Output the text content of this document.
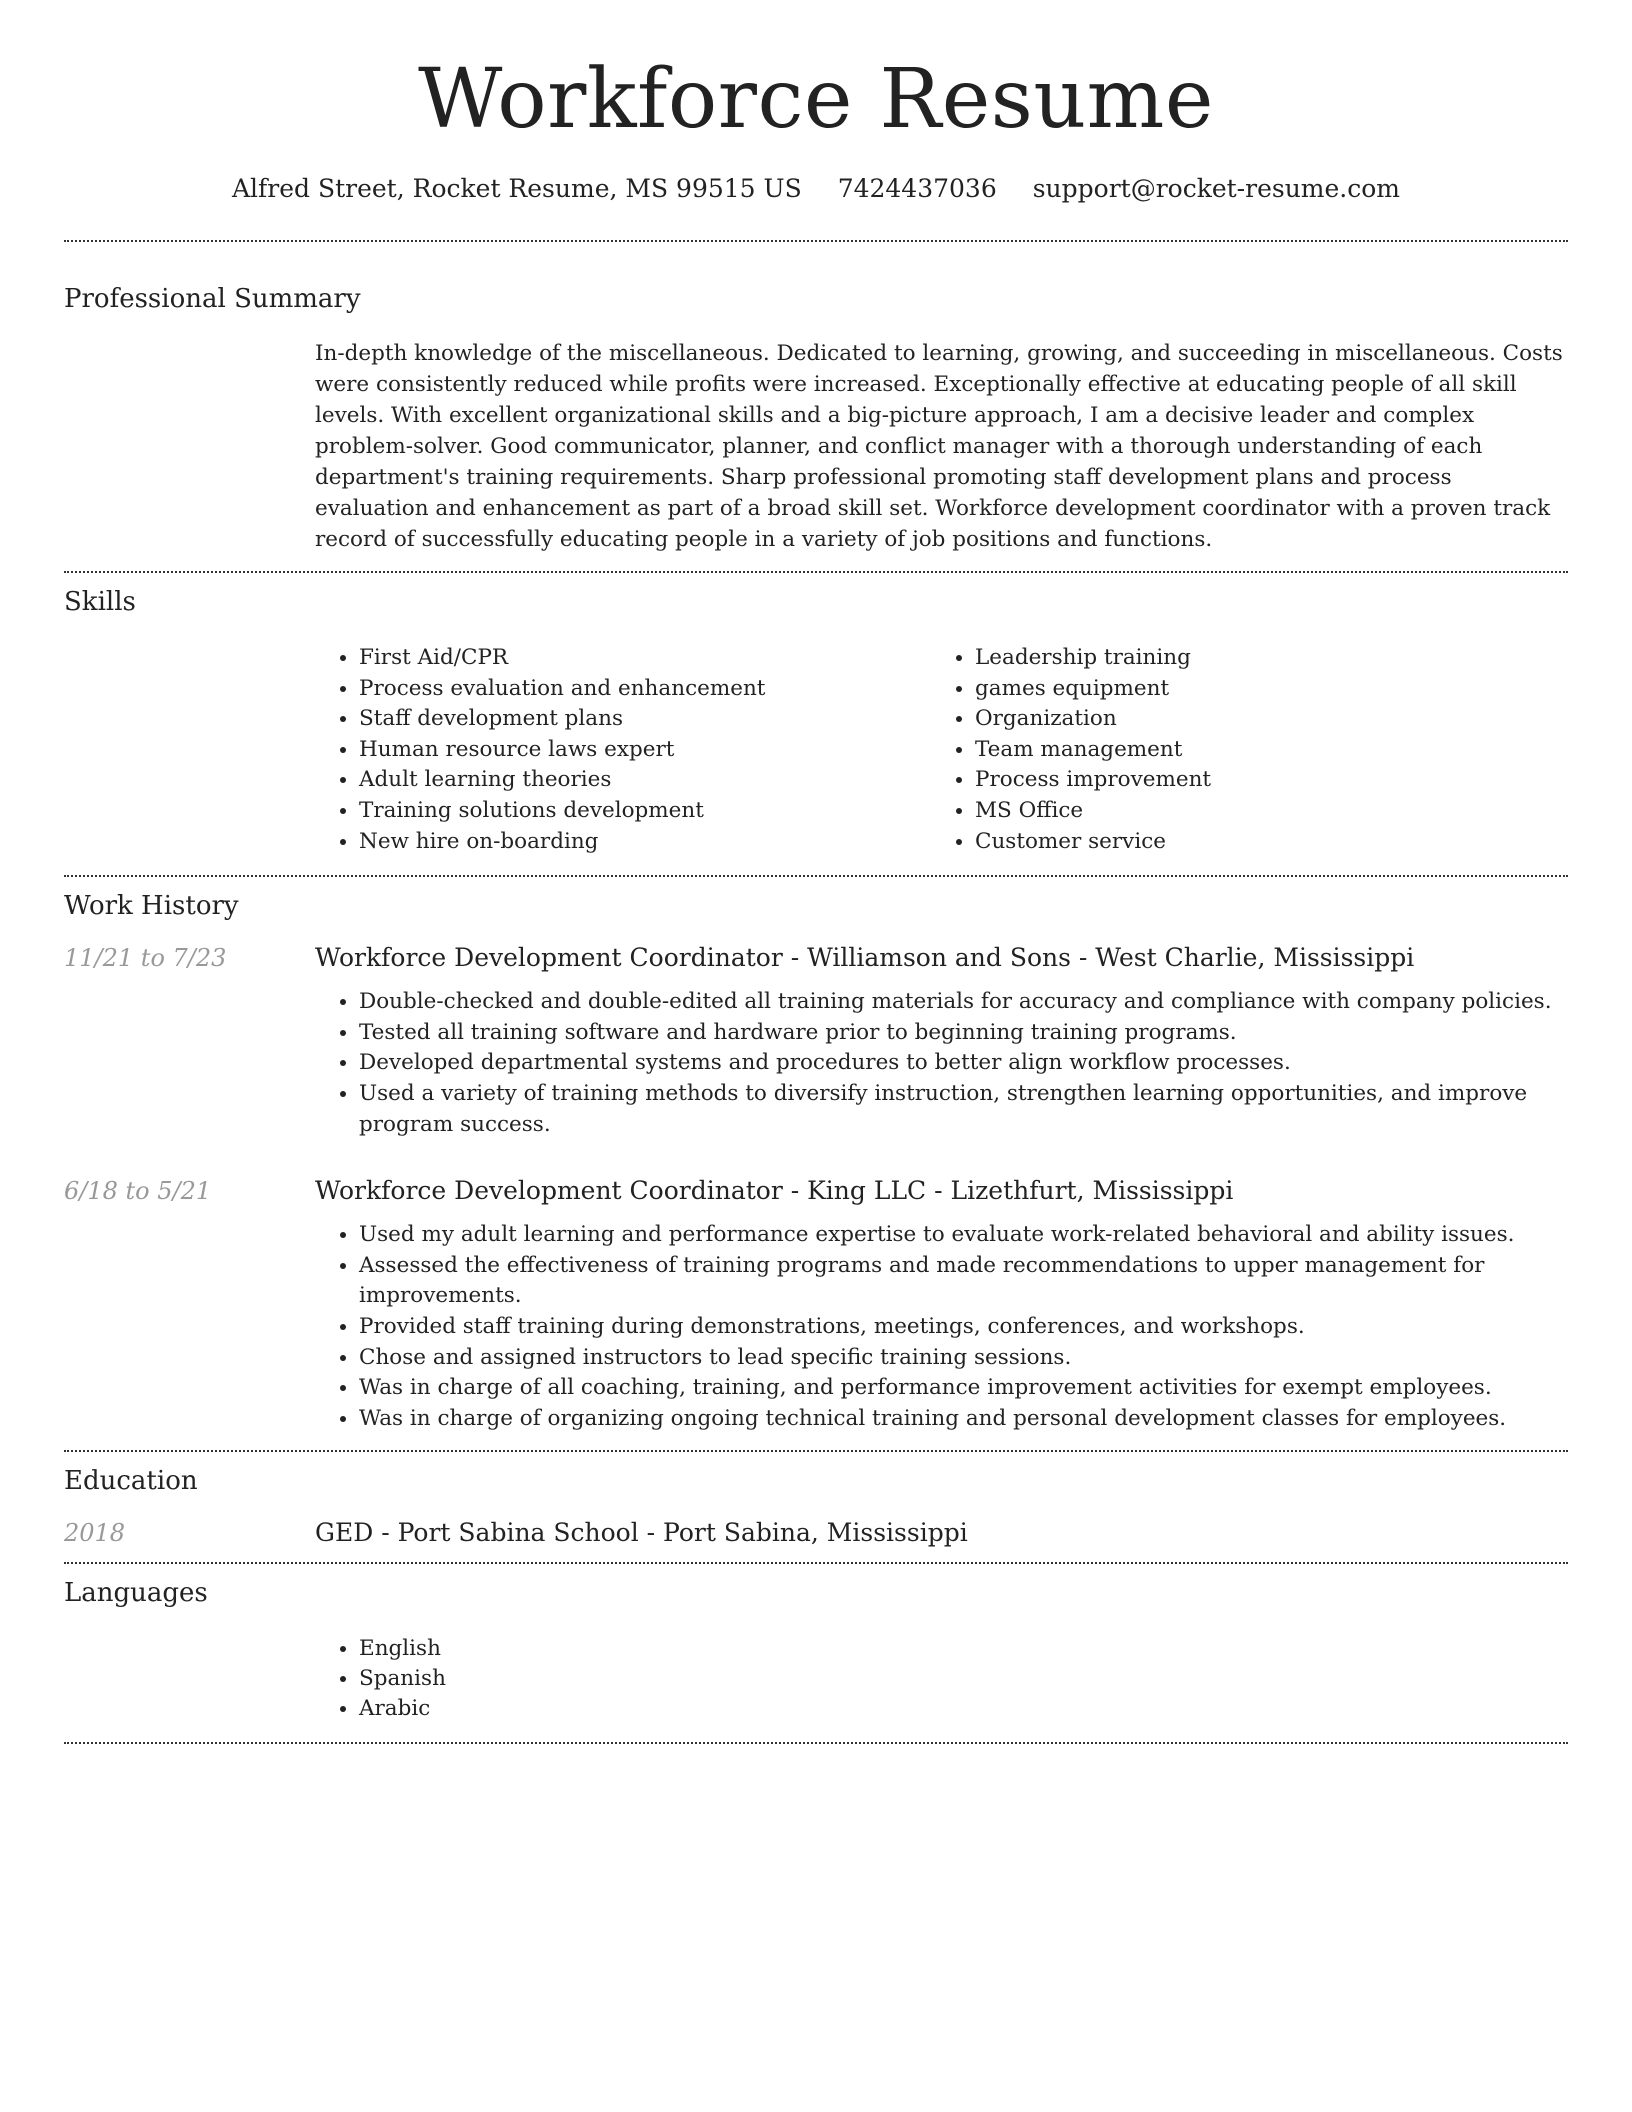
Workforce Resume
Alfred Street, Rocket Resume, MS 99515 US 7424437036 support@rocket-resume.com
Professional Summary
In-depth knowledge of the miscellaneous. Dedicated to learning, growing, and succeeding in miscellaneous. Costs were consistently reduced while profits were increased. Exceptionally effective at educating people of all skill levels. With excellent organizational skills and a big-picture approach, I am a decisive leader and complex problem-solver. Good communicator, planner, and conflict manager with a thorough understanding of each department's training requirements. Sharp professional promoting staff development plans and process evaluation and enhancement as part of a broad skill set. Workforce development coordinator with a proven track record of successfully educating people in a variety of job positions and functions.
Skills
• First Aid/CPR
• Process evaluation and enhancement
• Staff development plans
• Human resource laws expert
• Adult learning theories
• Training solutions development
• New hire on-boarding
• Leadership training
• games equipment
• Organization
• Team management
• Process improvement
• MS Office
• Customer service
Work History
11/21 to 7/23	Workforce Development Coordinator - Williamson and Sons - West Charlie, Mississippi
• Double-checked and double-edited all training materials for accuracy and compliance with company policies.
• Tested all training software and hardware prior to beginning training programs.
• Developed departmental systems and procedures to better align workflow processes.
• Used a variety of training methods to diversify instruction, strengthen learning opportunities, and improve program success.
6/18 to 5/21	Workforce Development Coordinator - King LLC - Lizethfurt, Mississippi
• Used my adult learning and performance expertise to evaluate work-related behavioral and ability issues.
• Assessed the effectiveness of training programs and made recommendations to upper management for improvements.
• Provided staff training during demonstrations, meetings, conferences, and workshops.
• Chose and assigned instructors to lead specific training sessions.
• Was in charge of all coaching, training, and performance improvement activities for exempt employees.
• Was in charge of organizing ongoing technical training and personal development classes for employees.
Education
2018	GED - Port Sabina School - Port Sabina, Mississippi
Languages
• English
• Spanish
• Arabic
